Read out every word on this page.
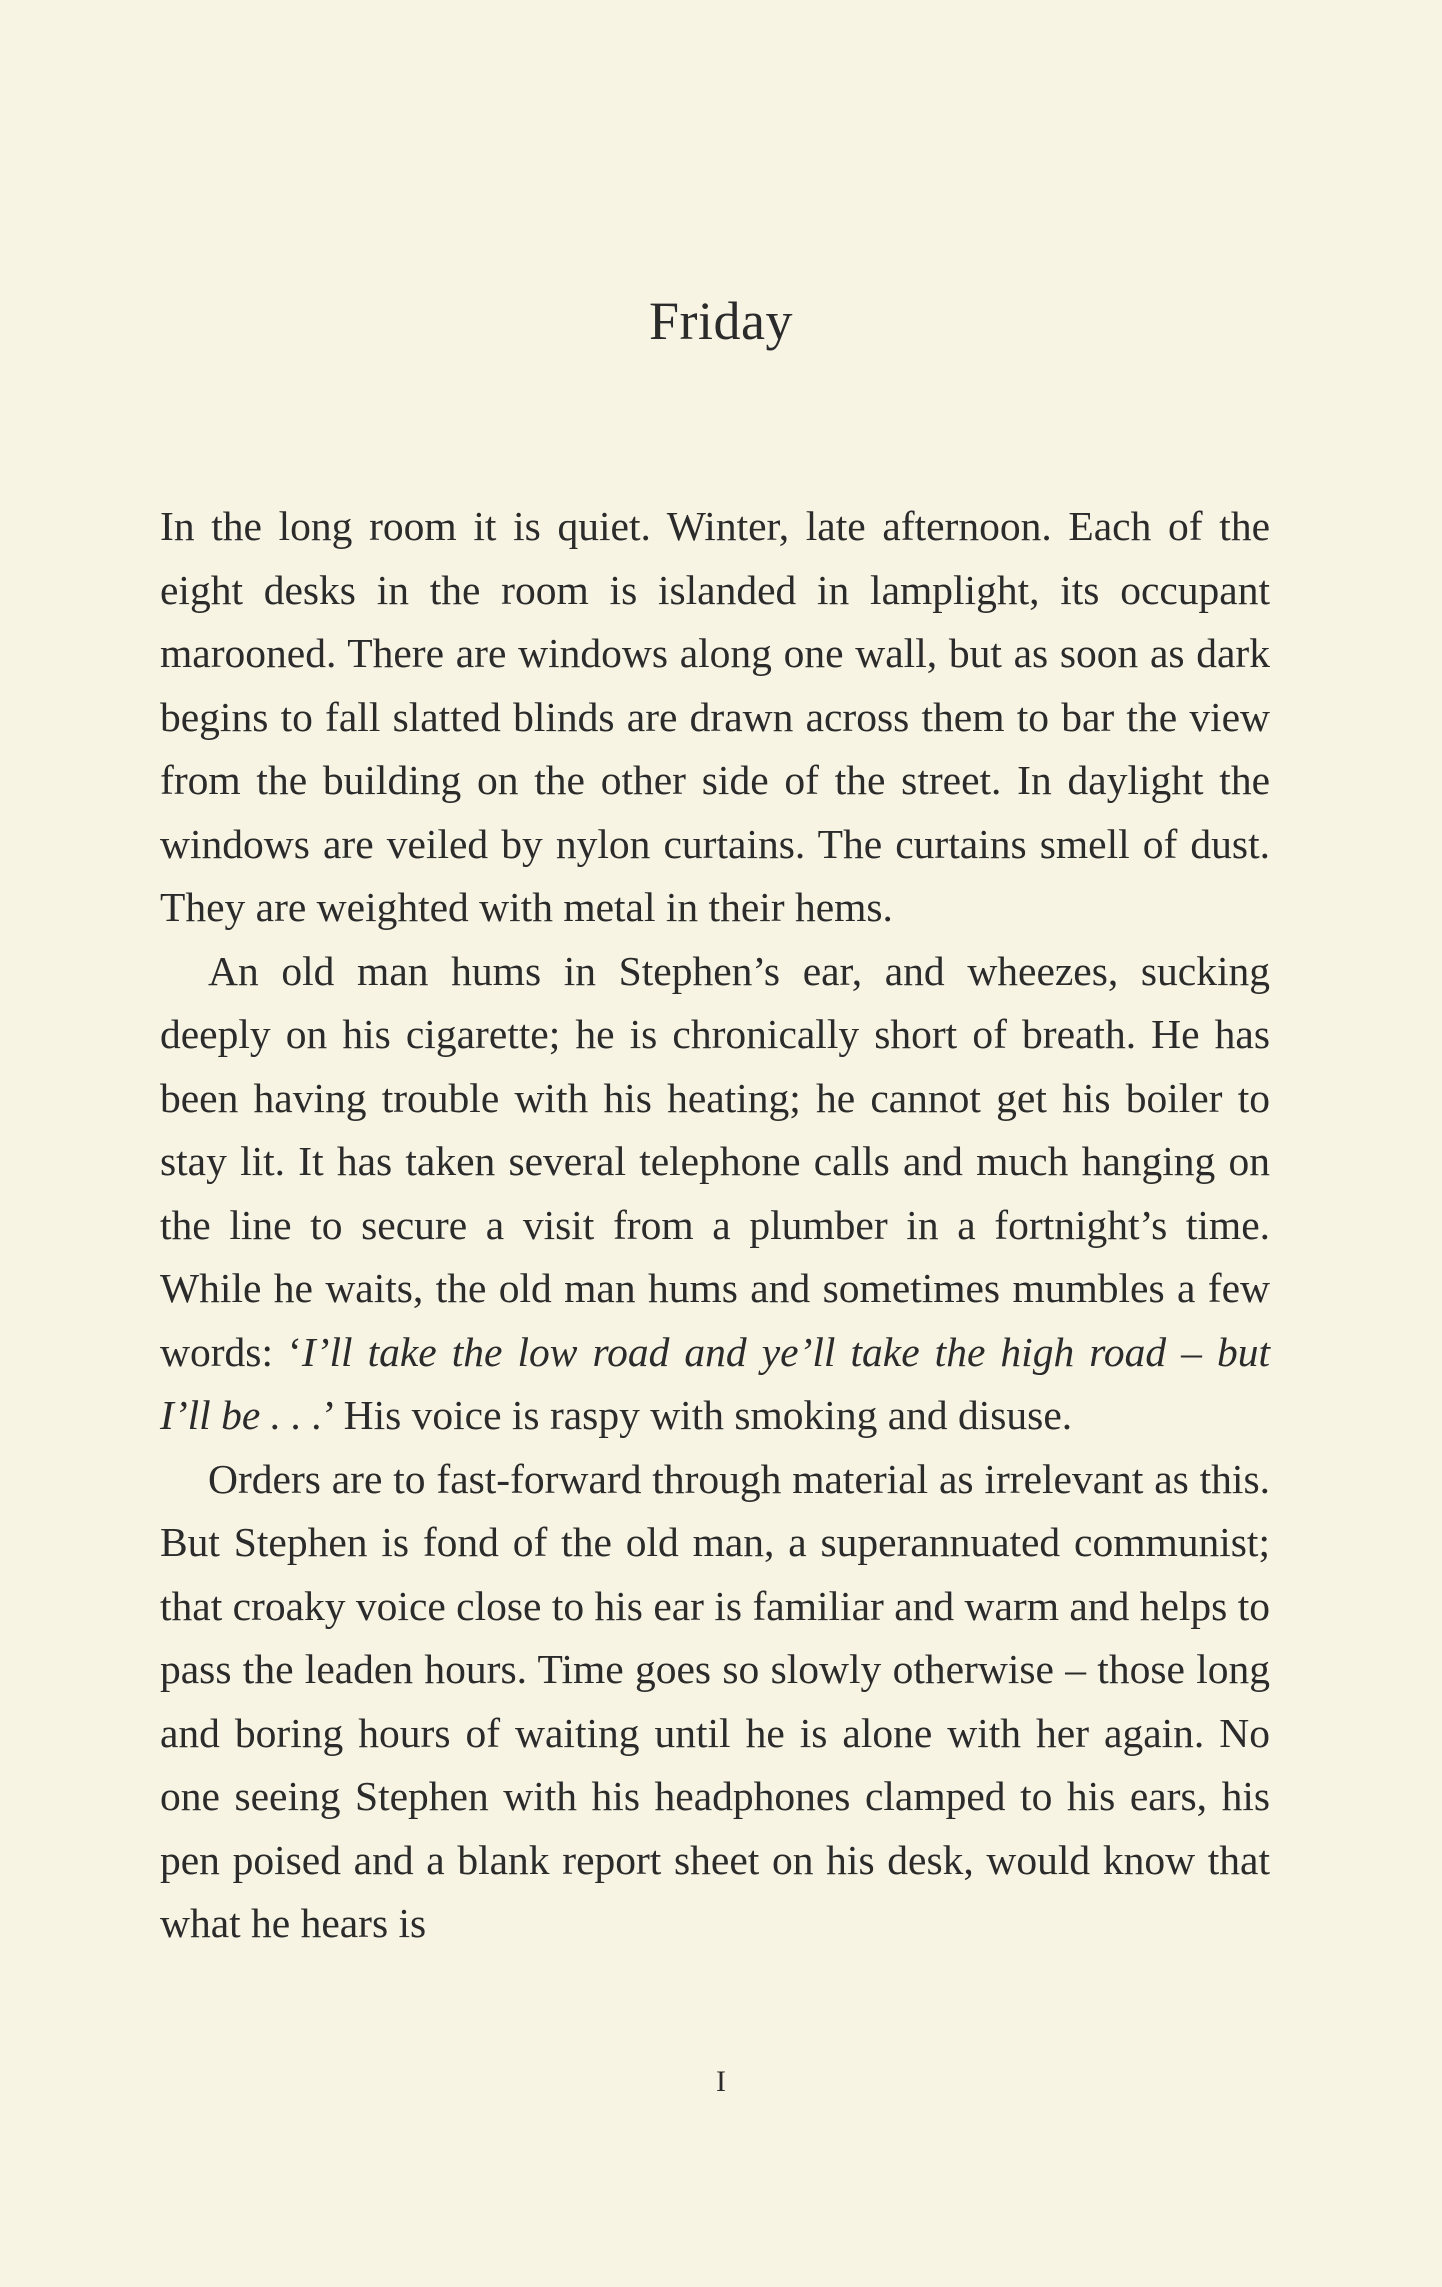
Friday

In the long room it is quiet. Winter, late afternoon. Each of the eight desks in the room is islanded in lamplight, its occupant marooned. There are windows along one wall, but as soon as dark begins to fall slatted blinds are drawn across them to bar the view from the building on the other side of the street. In daylight the windows are veiled by nylon curtains. The curtains smell of dust. They are weighted with metal in their hems.

An old man hums in Stephen’s ear, and wheezes, sucking deeply on his cigarette; he is chronically short of breath. He has been having trouble with his heating; he cannot get his boiler to stay lit. It has taken several telephone calls and much hanging on the line to secure a visit from a plumber in a fortnight’s time. While he waits, the old man hums and sometimes mumbles a few words: ‘I’ll take the low road and ye’ll take the high road – but I’ll be . . .’ His voice is raspy with smoking and disuse.

Orders are to fast-forward through material as irrelevant as this. But Stephen is fond of the old man, a superannuated communist; that croaky voice close to his ear is familiar and warm and helps to pass the leaden hours. Time goes so slowly otherwise – those long and boring hours of waiting until he is alone with her again. No one seeing Stephen with his headphones clamped to his ears, his pen poised and a blank report sheet on his desk, would know that what he hears is

I
